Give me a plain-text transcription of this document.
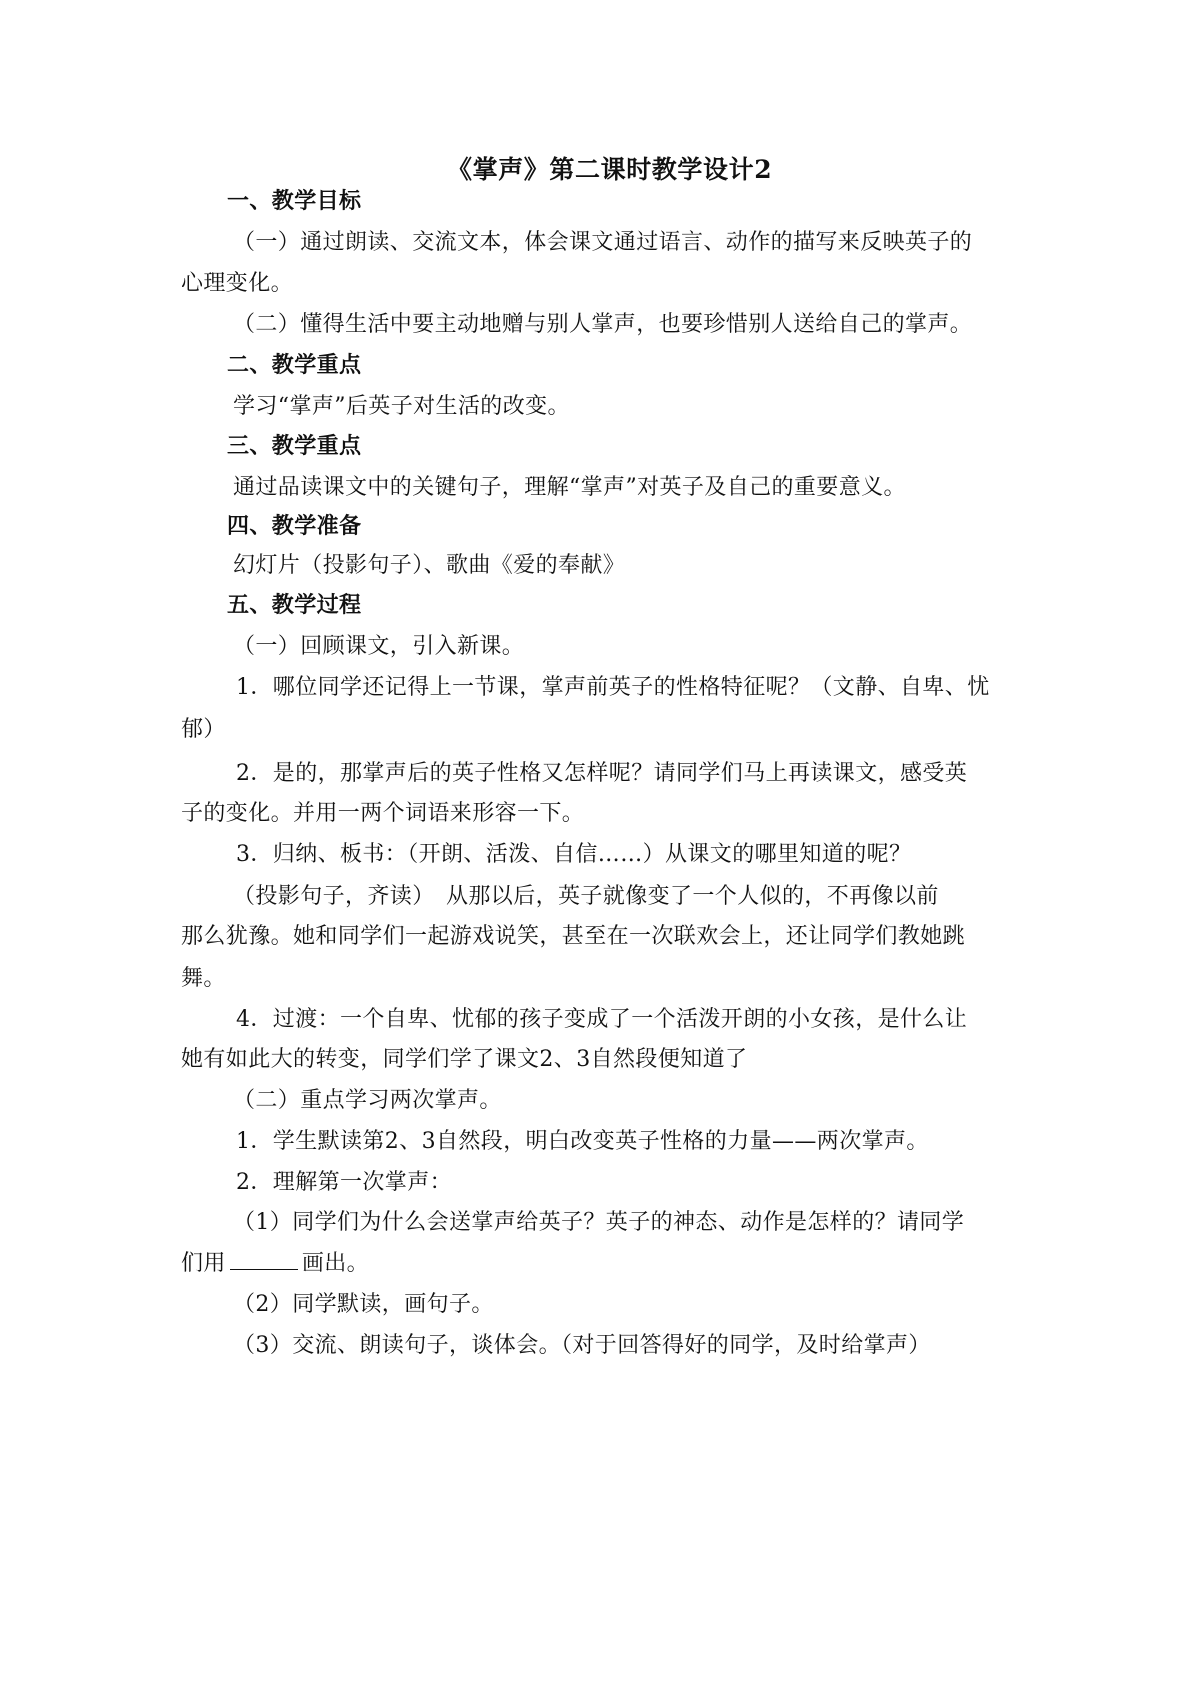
《掌声》第二课时教学设计2
一、教学目标
（一）通过朗读、交流文本，体会课文通过语言、动作的描写来反映英子的
心理变化。
（二）懂得生活中要主动地赠与别人掌声，也要珍惜别人送给自己的掌声。
二、教学重点
学习“掌声”后英子对生活的改变。
三、教学重点
通过品读课文中的关键句子，理解“掌声”对英子及自己的重要意义。
四、教学准备
幻灯片（投影句子）、歌曲《爱的奉献》
五、教学过程
（一）回顾课文，引入新课。
1．哪位同学还记得上一节课，掌声前英子的性格特征呢？（文静、自卑、忧
郁）
2．是的，那掌声后的英子性格又怎样呢？请同学们马上再读课文，感受英
子的变化。并用一两个词语来形容一下。
3．归纳、板书：（开朗、活泼、自信……）从课文的哪里知道的呢？
（投影句子，齐读）　从那以后，英子就像变了一个人似的，不再像以前
那么犹豫。她和同学们一起游戏说笑，甚至在一次联欢会上，还让同学们教她跳
舞。
4．过渡：一个自卑、忧郁的孩子变成了一个活泼开朗的小女孩，是什么让
她有如此大的转变，同学们学了课文2、3自然段便知道了
（二）重点学习两次掌声。
1．学生默读第2、3自然段，明白改变英子性格的力量——两次掌声。
2．理解第一次掌声：
（1）同学们为什么会送掌声给英子？英子的神态、动作是怎样的？请同学
们用	画出。
（2）同学默读，画句子。
（3）交流、朗读句子，谈体会。（对于回答得好的同学，及时给掌声）
